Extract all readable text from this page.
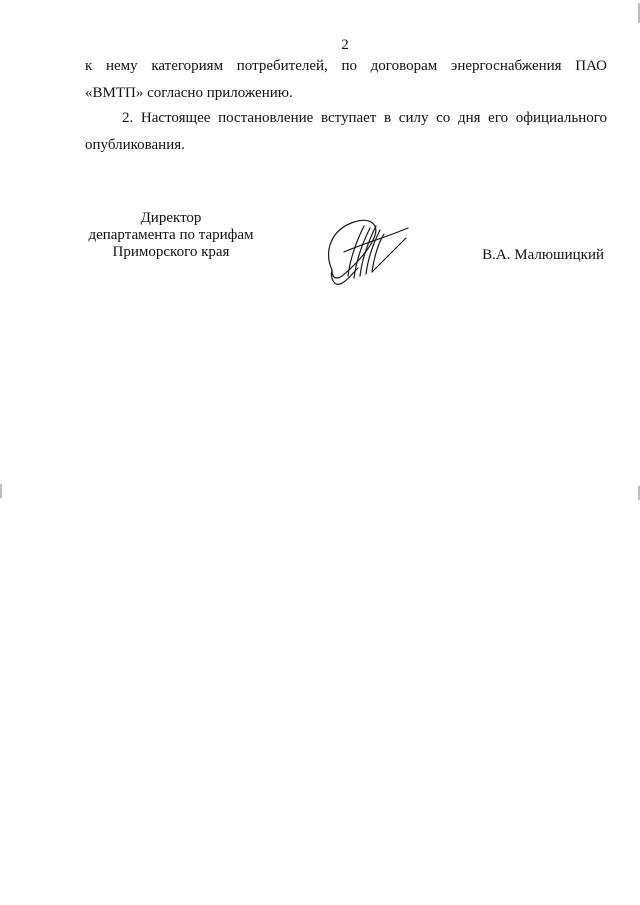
2
к нему категориям потребителей, по договорам энергоснабжения ПАО
«ВМТП» согласно приложению.
2. Настоящее постановление вступает в силу со дня его официального
опубликования.
Директор
департамента по тарифам
Приморского края	В.А. Малюшицкий
